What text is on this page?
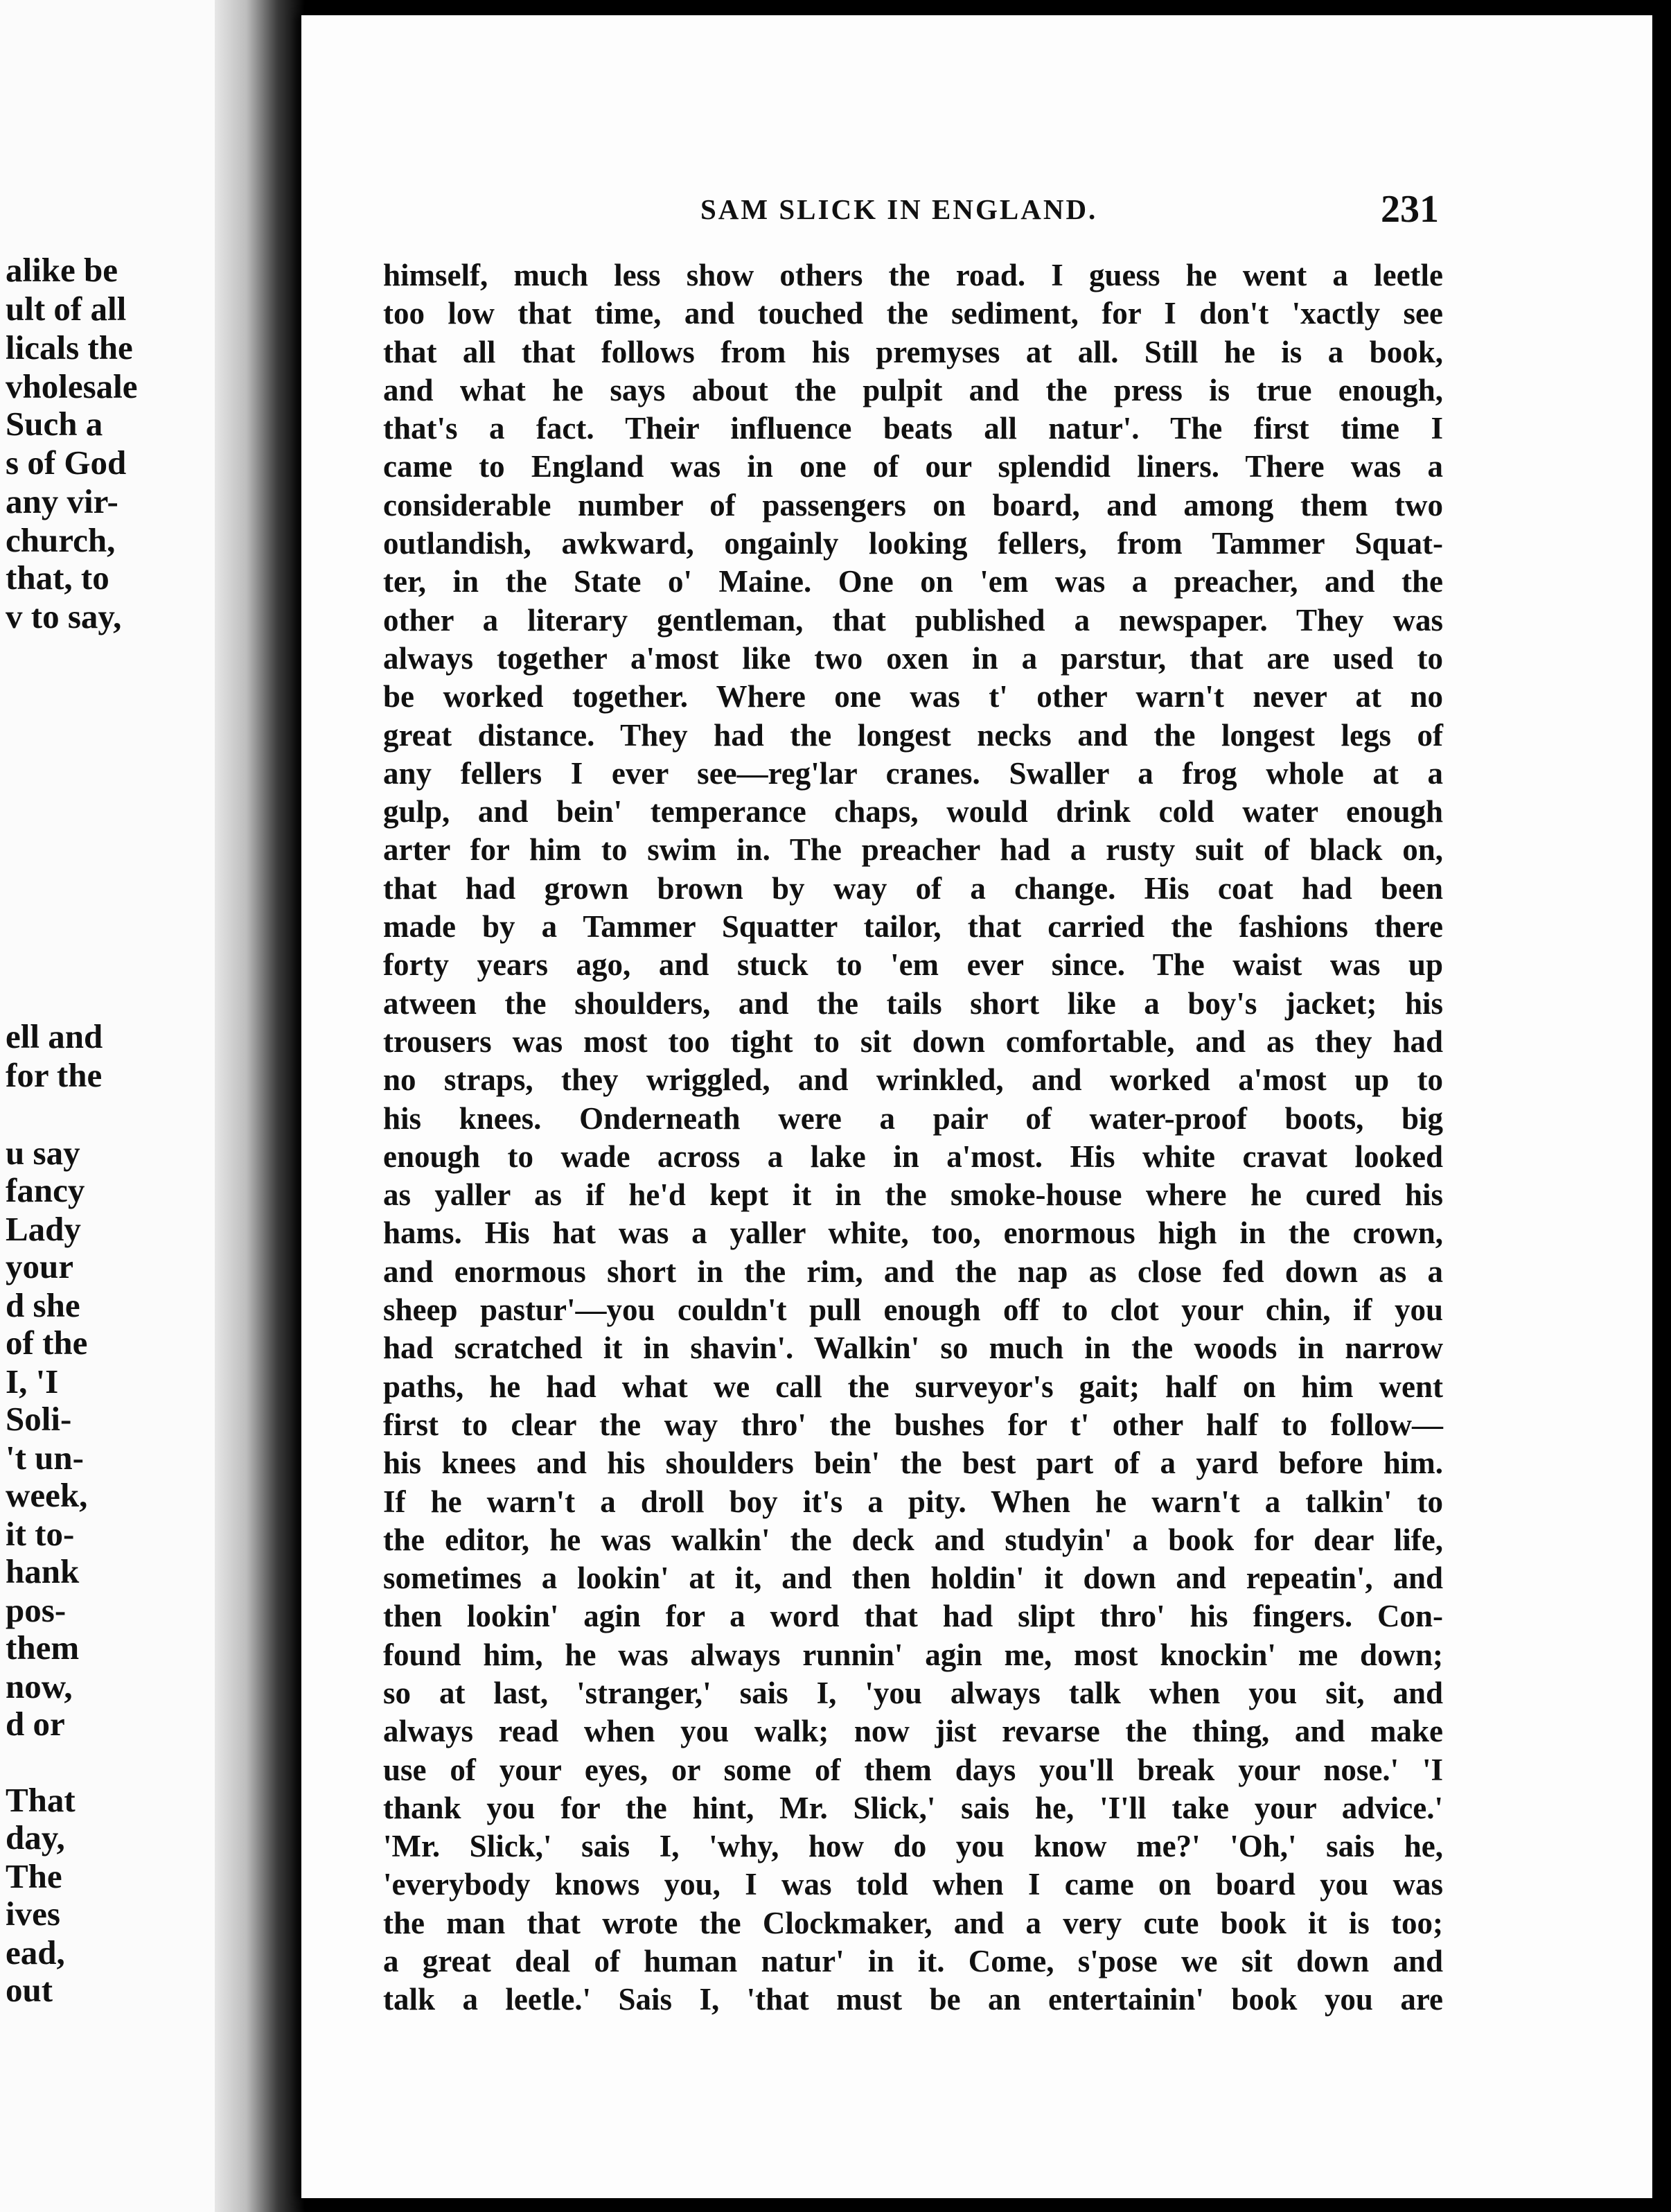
alike be
ult of all
licals the
vholesale
Such a
s of God
any vir-
church,
that, to
v to say,
ell and
for the
u say
fancy
Lady
your
d she
of the
I, 'I
Soli-
't un-
week,
it to-
hank
pos-
them
now,
d or
That
day,
The
ives
ead,
out
SAM SLICK IN ENGLAND.	231
himself, much less show others the road. I guess he went a leetle
too low that time, and touched the sediment, for I don't 'xactly see
that all that follows from his premyses at all. Still he is a book,
and what he says about the pulpit and the press is true enough,
that's a fact. Their influence beats all natur'. The first time I
came to England was in one of our splendid liners. There was a
considerable number of passengers on board, and among them two
outlandish, awkward, ongainly looking fellers, from Tammer Squat-
ter, in the State o' Maine. One on 'em was a preacher, and the
other a literary gentleman, that published a newspaper. They was
always together a'most like two oxen in a parstur, that are used to
be worked together. Where one was t' other warn't never at no
great distance. They had the longest necks and the longest legs of
any fellers I ever see—reg'lar cranes. Swaller a frog whole at a
gulp, and bein' temperance chaps, would drink cold water enough
arter for him to swim in. The preacher had a rusty suit of black on,
that had grown brown by way of a change. His coat had been
made by a Tammer Squatter tailor, that carried the fashions there
forty years ago, and stuck to 'em ever since. The waist was up
atween the shoulders, and the tails short like a boy's jacket; his
trousers was most too tight to sit down comfortable, and as they had
no straps, they wriggled, and wrinkled, and worked a'most up to
his knees. Onderneath were a pair of water-proof boots, big
enough to wade across a lake in a'most. His white cravat looked
as yaller as if he'd kept it in the smoke-house where he cured his
hams. His hat was a yaller white, too, enormous high in the crown,
and enormous short in the rim, and the nap as close fed down as a
sheep pastur'—you couldn't pull enough off to clot your chin, if you
had scratched it in shavin'. Walkin' so much in the woods in narrow
paths, he had what we call the surveyor's gait; half on him went
first to clear the way thro' the bushes for t' other half to follow—
his knees and his shoulders bein' the best part of a yard before him.
If he warn't a droll boy it's a pity. When he warn't a talkin' to
the editor, he was walkin' the deck and studyin' a book for dear life,
sometimes a lookin' at it, and then holdin' it down and repeatin', and
then lookin' agin for a word that had slipt thro' his fingers. Con-
found him, he was always runnin' agin me, most knockin' me down;
so at last, 'stranger,' sais I, 'you always talk when you sit, and
always read when you walk; now jist revarse the thing, and make
use of your eyes, or some of them days you'll break your nose.' 'I
thank you for the hint, Mr. Slick,' sais he, 'I'll take your advice.'
'Mr. Slick,' sais I, 'why, how do you know me?' 'Oh,' sais he,
'everybody knows you, I was told when I came on board you was
the man that wrote the Clockmaker, and a very cute book it is too;
a great deal of human natur' in it. Come, s'pose we sit down and
talk a leetle.' Sais I, 'that must be an entertainin' book you are
